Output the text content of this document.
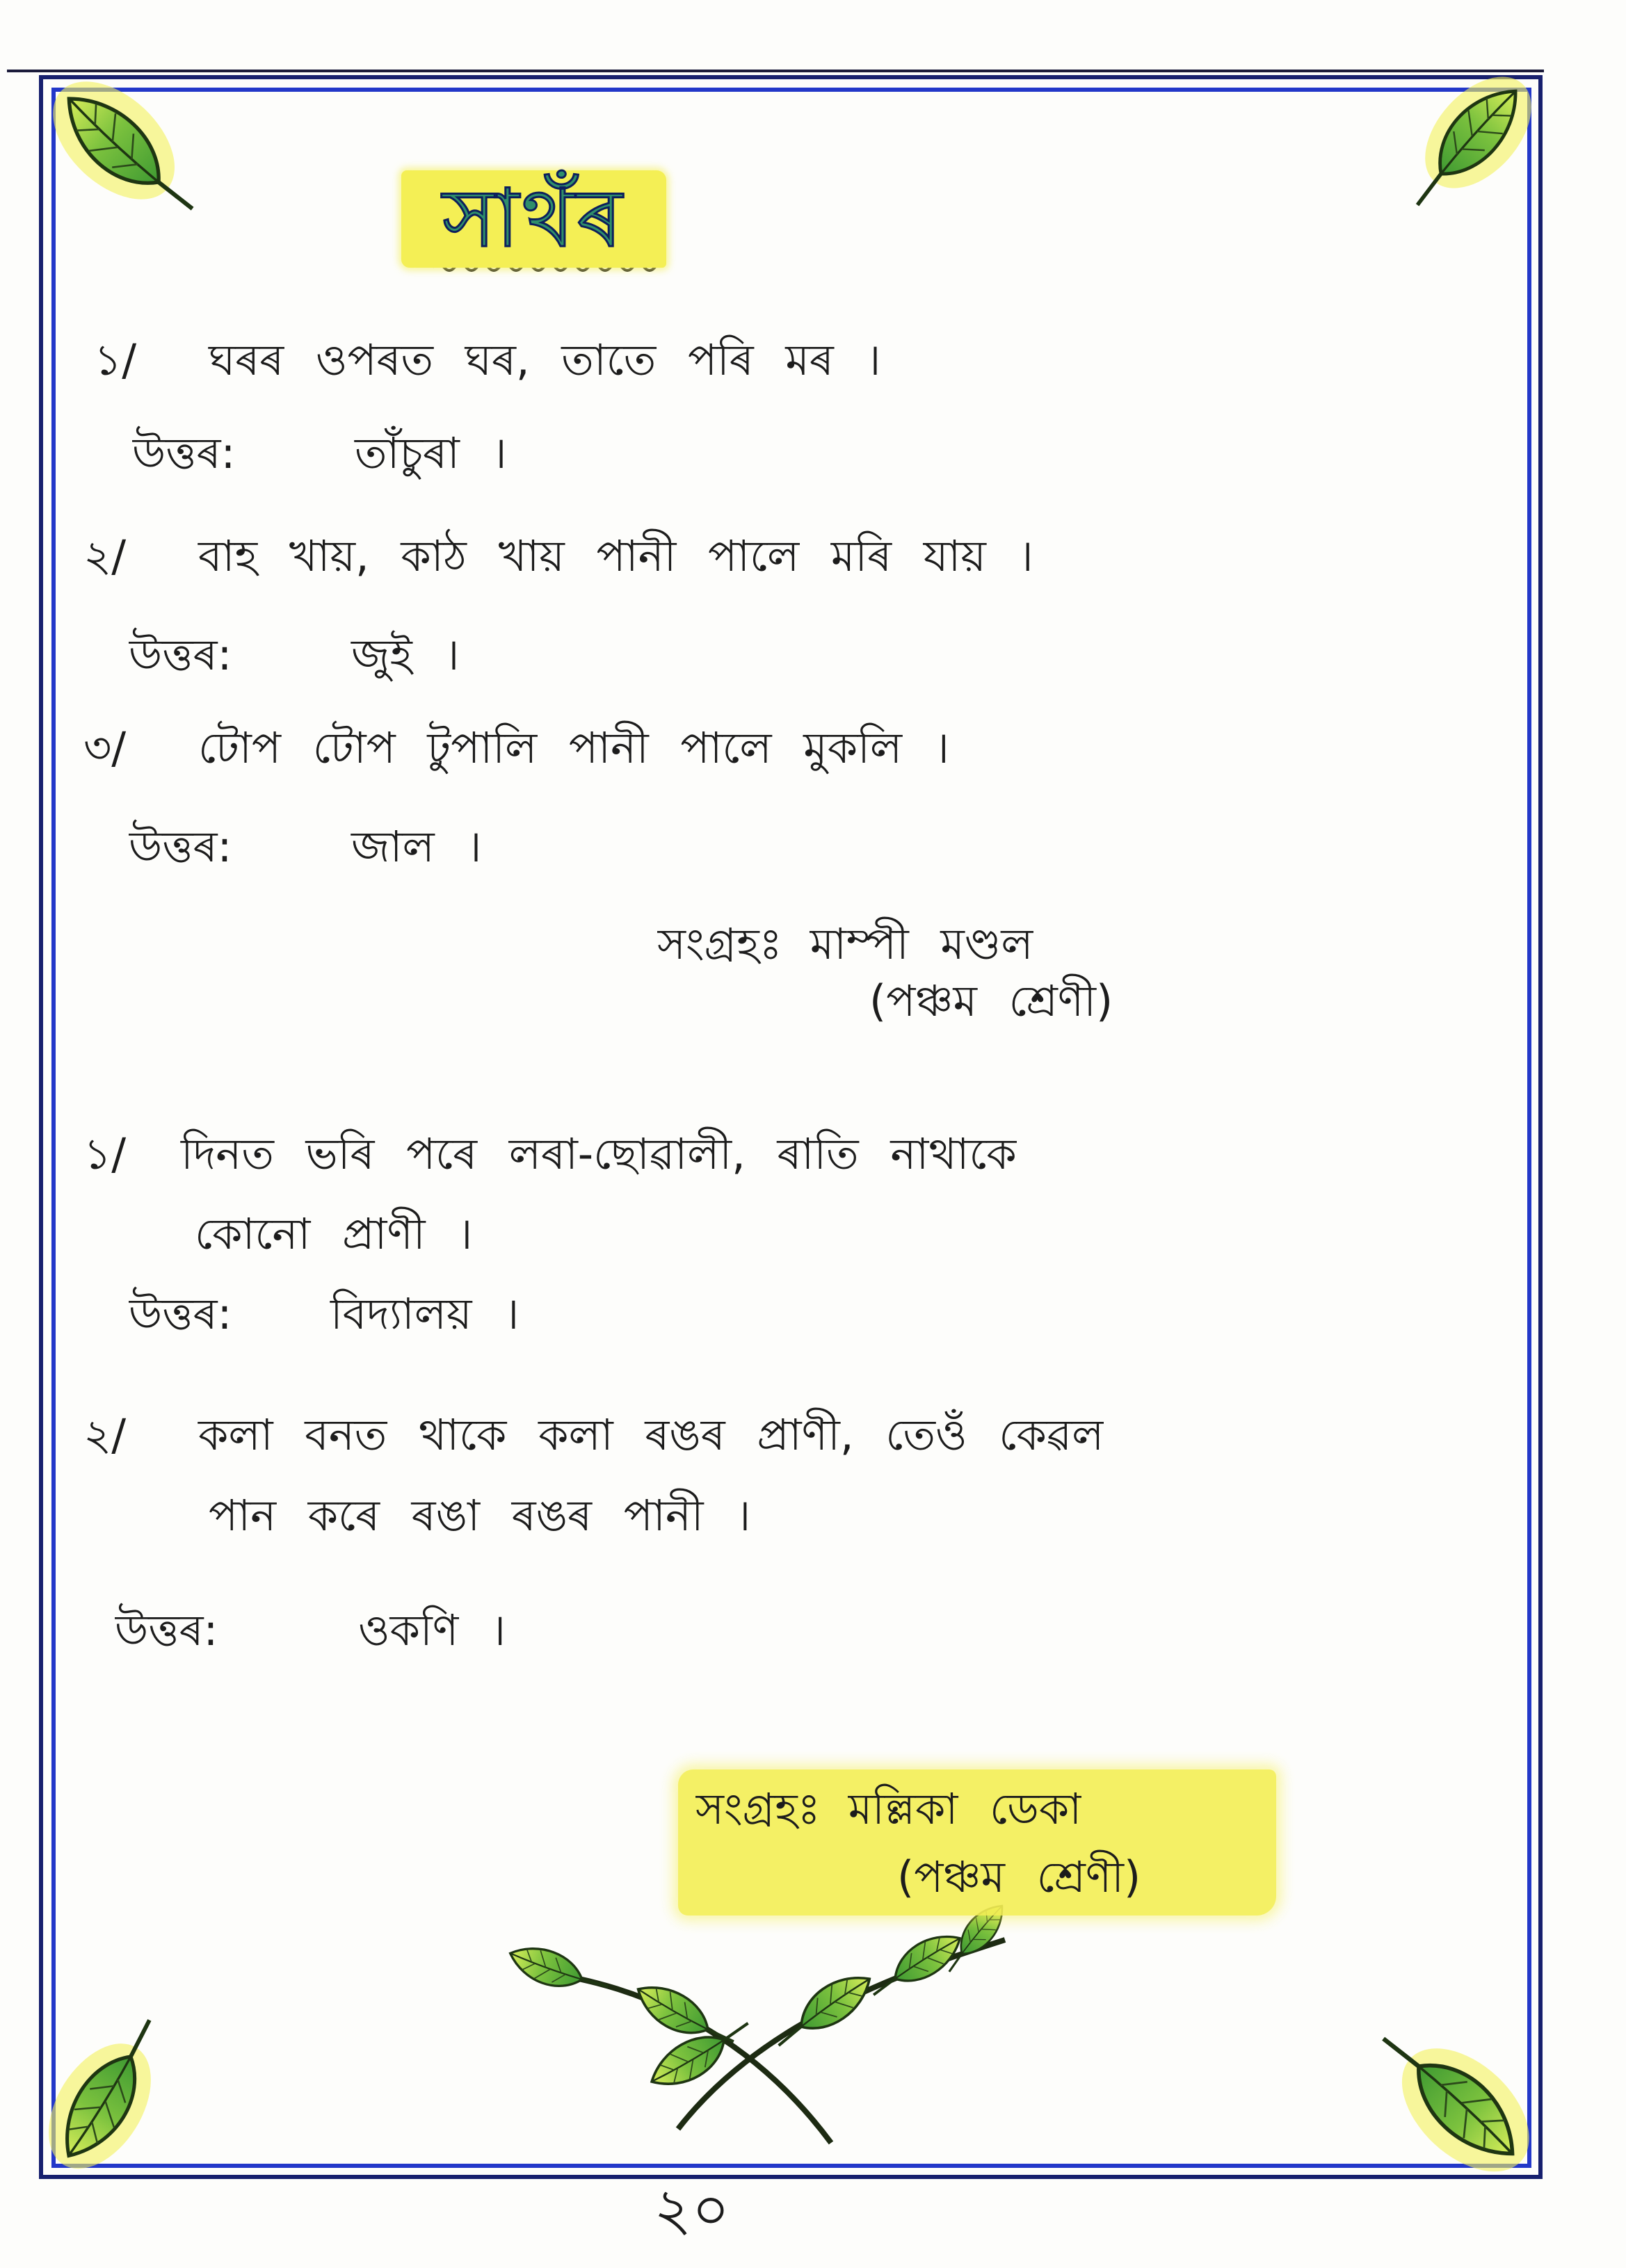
সাথঁৰ
১/ ঘৰৰ ওপৰত ঘৰ, তাতে পৰি মৰ ।
উত্তৰ:	তাঁচুৰা ।
২/ বাহ খায়, কাঠ খায় পানী পালে মৰি যায় ।
উত্তৰ:	জুই ।
৩/ টোপ টোপ টুপালি পানী পালে মুকলি ।
উত্তৰ:	জাল ।
সংগ্ৰহঃ মাম্পী মণ্ডল
(পঞ্চম শ্ৰেণী)
১/ দিনত ভৰি পৰে লৰা-ছোৱালী, ৰাতি নাথাকে
কোনো প্ৰাণী ।
উত্তৰ: বিদ্যালয় ।
২/ কলা বনত থাকে কলা ৰঙৰ প্ৰাণী, তেওঁ কেৱল
পান কৰে ৰঙা ৰঙৰ পানী ।
উত্তৰ:	ওকণি ।
সংগ্ৰহঃ মল্লিকা ডেকা
(পঞ্চম শ্ৰেণী)
২০
